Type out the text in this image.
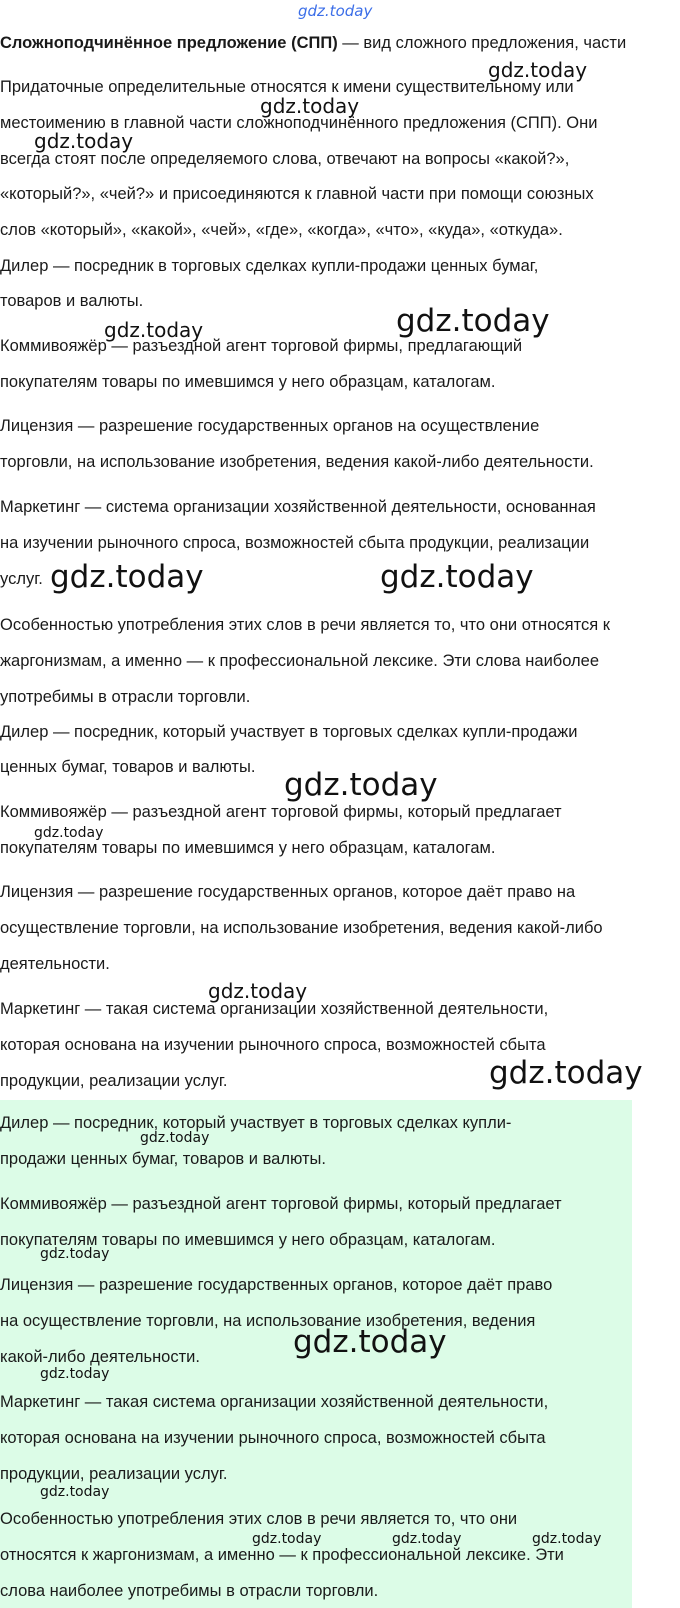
Сложноподчинённое предложение (СПП) — вид сложного предложения, части

Придаточные определительные относятся к имени существительному или

местоимению в главной части сложноподчинённого предложения (СПП). Они

всегда стоят после определяемого слова, отвечают на вопросы «какой?»,

«который?», «чей?» и присоединяются к главной части при помощи союзных

слов «который», «какой», «чей», «где», «когда», «что», «куда», «откуда».

Дилер — посредник в торговых сделках купли-продажи ценных бумаг,

товаров и валюты.

Коммивояжёр — разъездной агент торговой фирмы, предлагающий

покупателям товары по имевшимся у него образцам, каталогам.

Лицензия — разрешение государственных органов на осуществление

торговли, на использование изобретения, ведения какой-либо деятельности.

Маркетинг — система организации хозяйственной деятельности, основанная

на изучении рыночного спроса, возможностей сбыта продукции, реализации

услуг.

Особенностью употребления этих слов в речи является то, что они относятся к

жаргонизмам, а именно — к профессиональной лексике. Эти слова наиболее

употребимы в отрасли торговли.

Дилер — посредник, который участвует в торговых сделках купли-продажи

ценных бумаг, товаров и валюты.

Коммивояжёр — разъездной агент торговой фирмы, который предлагает

покупателям товары по имевшимся у него образцам, каталогам.

Лицензия — разрешение государственных органов, которое даёт право на

осуществление торговли, на использование изобретения, ведения какой-либо

деятельности.

Маркетинг — такая система организации хозяйственной деятельности,

которая основана на изучении рыночного спроса, возможностей сбыта

продукции, реализации услуг.

Дилер — посредник, который участвует в торговых сделках купли-

продажи ценных бумаг, товаров и валюты.

Коммивояжёр — разъездной агент торговой фирмы, который предлагает

покупателям товары по имевшимся у него образцам, каталогам.

Лицензия — разрешение государственных органов, которое даёт право

на осуществление торговли, на использование изобретения, ведения

какой-либо деятельности.

Маркетинг — такая система организации хозяйственной деятельности,

которая основана на изучении рыночного спроса, возможностей сбыта

продукции, реализации услуг.

Особенностью употребления этих слов в речи является то, что они

относятся к жаргонизмам, а именно — к профессиональной лексике. Эти

слова наиболее употребимы в отрасли торговли.

gdz.today
gdz.today
gdz.today
gdz.today
gdz.today	gdz.today
gdz.today	gdz.today
gdz.today
gdz.today
gdz.today
gdz.today
gdz.today
gdz.today
gdz.today
gdz.today
gdz.today
gdz.today	gdz.today	gdz.today
